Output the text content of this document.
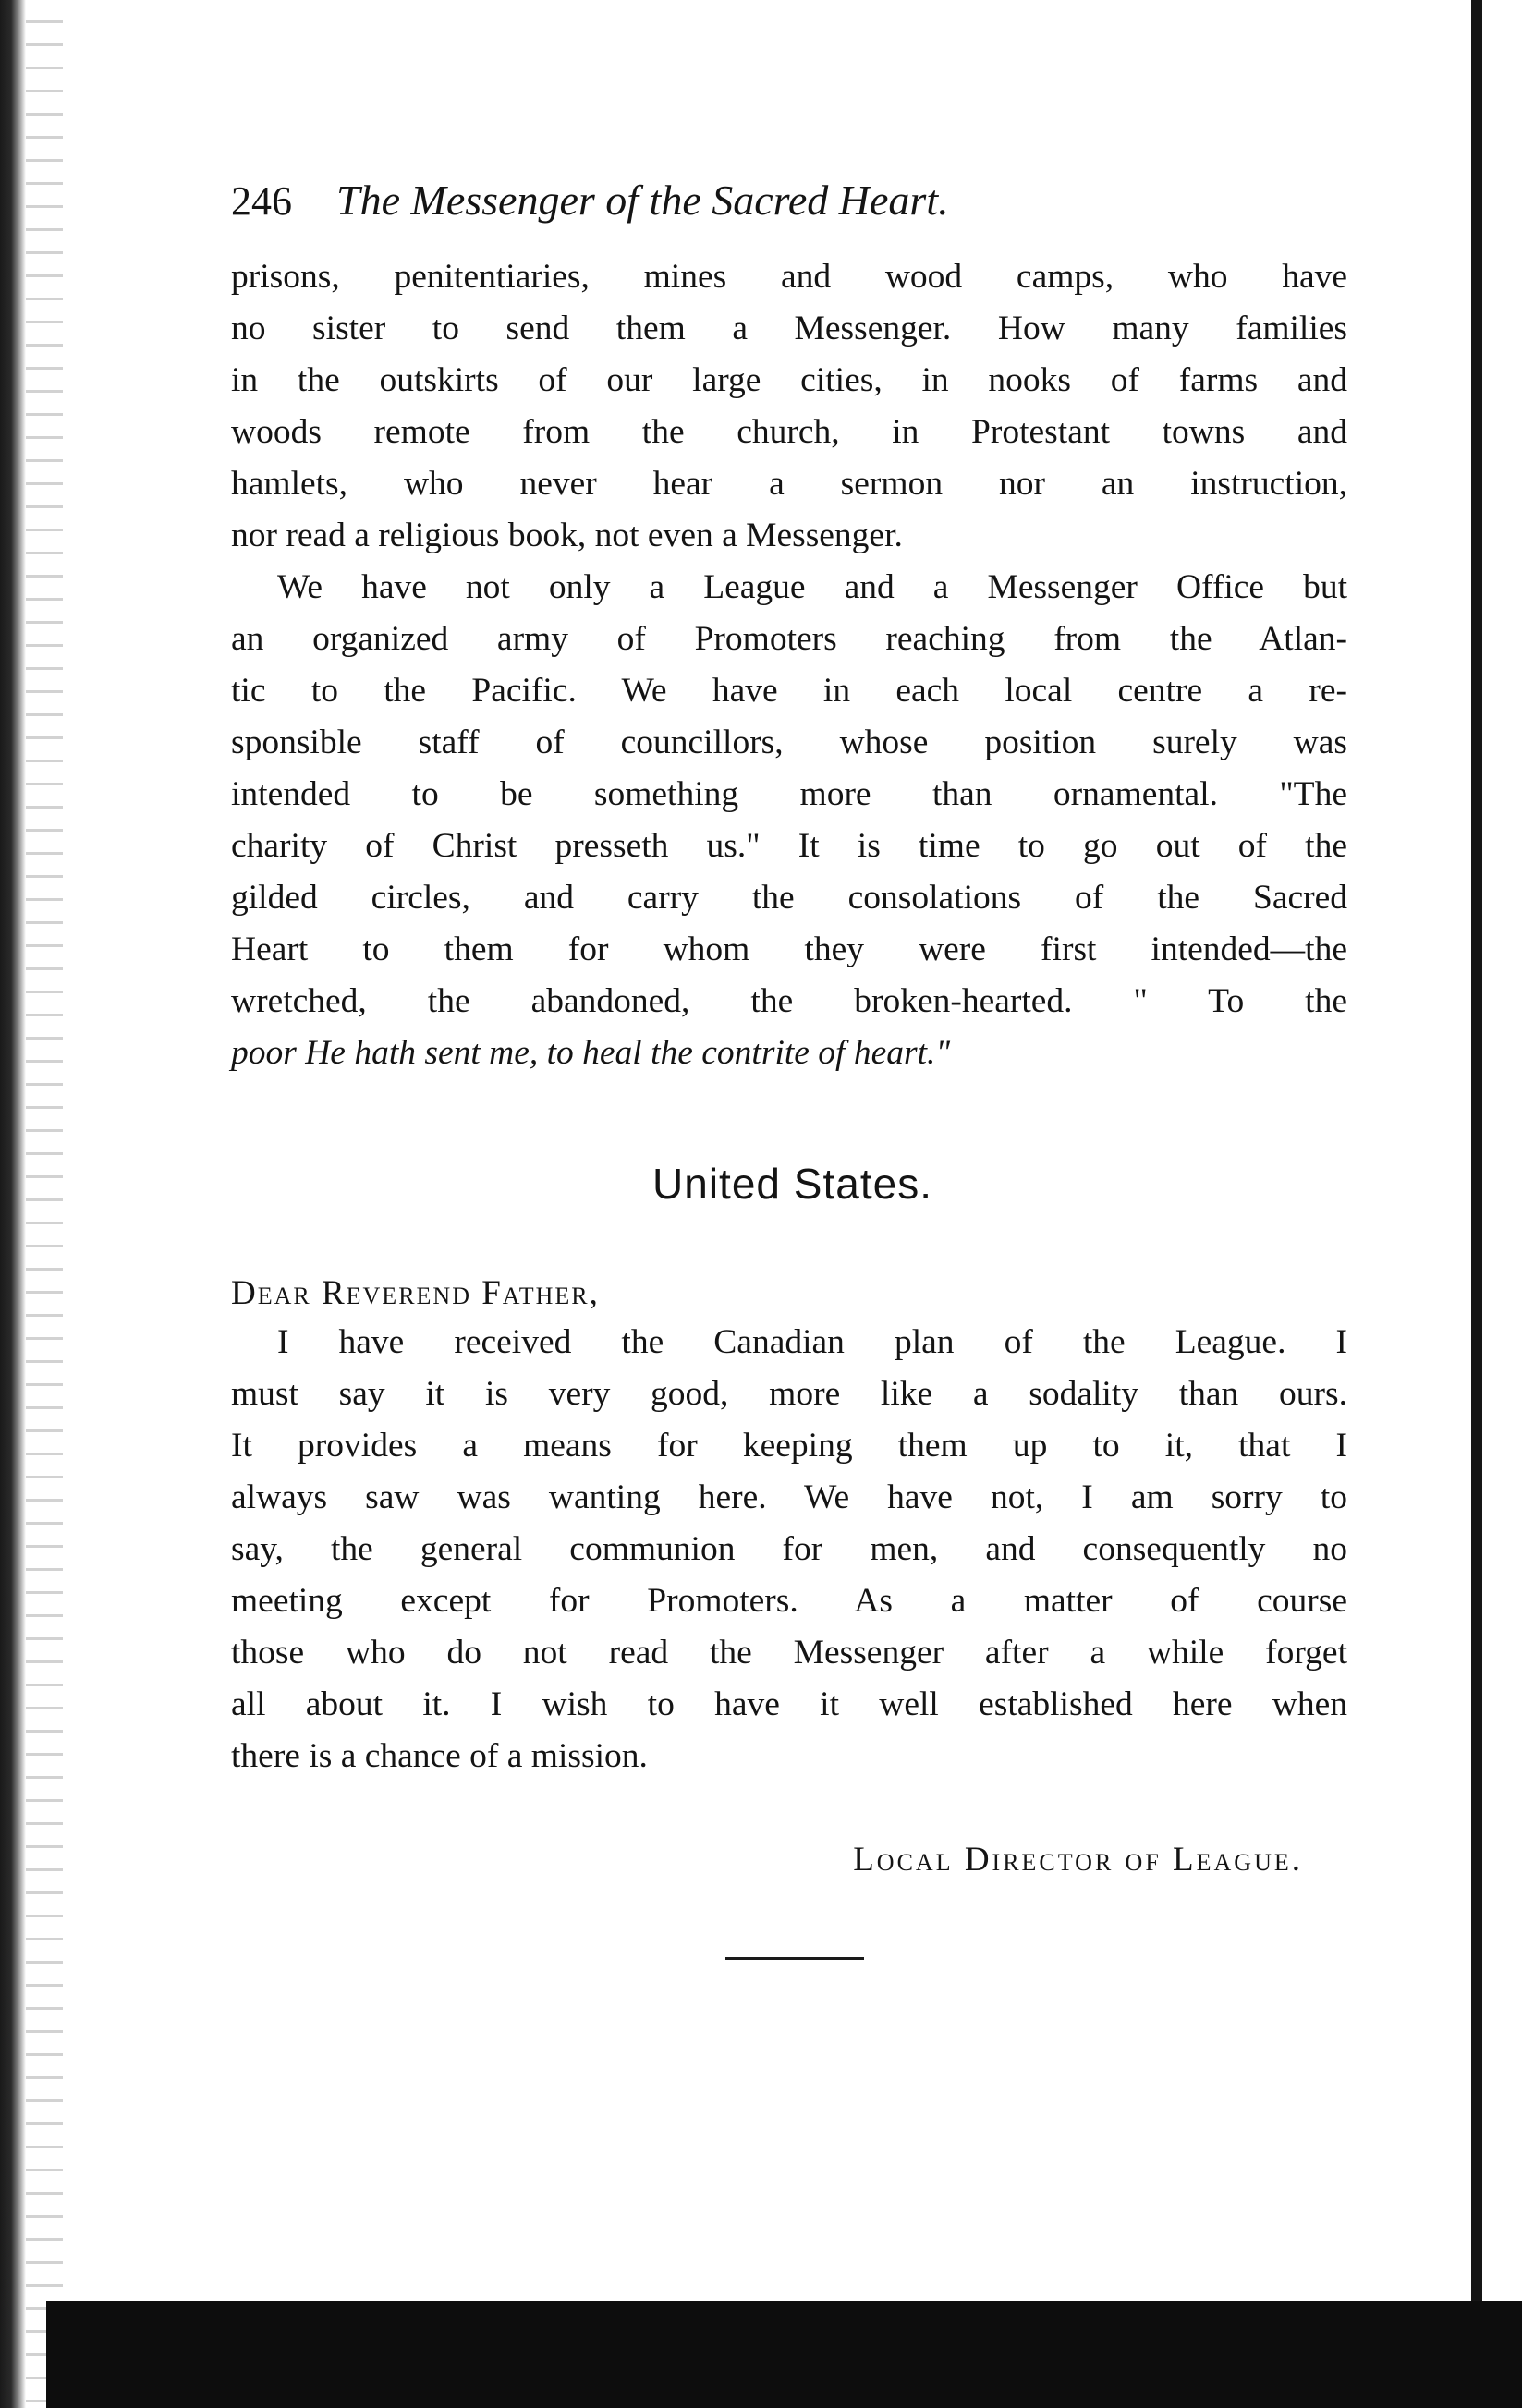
246	The Messenger of the Sacred Heart.
prisons, penitentiaries, mines and wood camps, who have
no sister to send them a Messenger. How many families
in the outskirts of our large cities, in nooks of farms and
woods remote from the church, in Protestant towns and
hamlets, who never hear a sermon nor an instruction,
nor read a religious book, not even a Messenger.
We have not only a League and a Messenger Office but
an organized army of Promoters reaching from the Atlan-
tic to the Pacific. We have in each local centre a re-
sponsible staff of councillors, whose position surely was
intended to be something more than ornamental. "The
charity of Christ presseth us." It is time to go out of the
gilded circles, and carry the consolations of the Sacred
Heart to them for whom they were first intended—the
wretched, the abandoned, the broken-hearted. " To the
poor He hath sent me, to heal the contrite of heart."
United States.
Dear Reverend Father,
I have received the Canadian plan of the League. I
must say it is very good, more like a sodality than ours.
It provides a means for keeping them up to it, that I
always saw was wanting here. We have not, I am sorry to
say, the general communion for men, and consequently no
meeting except for Promoters. As a matter of course
those who do not read the Messenger after a while forget
all about it. I wish to have it well established here when
there is a chance of a mission.
Local Director of League.
